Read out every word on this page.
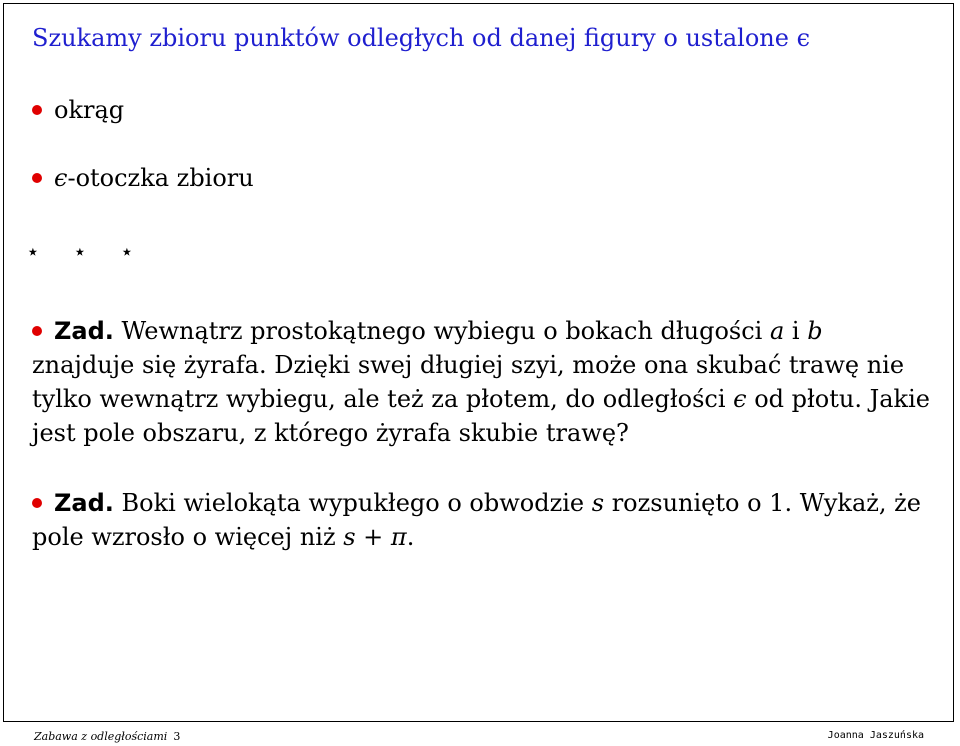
Szukamy zbioru punktów odległych od danej figury o ustalone ϵ
okrąg
ϵ-otoczka zbioru
⋆ ⋆ ⋆
Zad. Wewnątrz prostokątnego wybiegu o bokach długości a i b znajduje się żyrafa. Dzięki swej długiej szyi, może ona skubać trawę nie tylko wewnątrz wybiegu, ale też za płotem, do odległości ϵ od płotu. Jakie jest pole obszaru, z którego żyrafa skubie trawę?
Zad. Boki wielokąta wypukłego o obwodzie s rozsunięto o 1. Wykaż, że pole wzrosło o więcej niż s + π.
Zabawa z odległościami 3	Joanna Jaszuńska
